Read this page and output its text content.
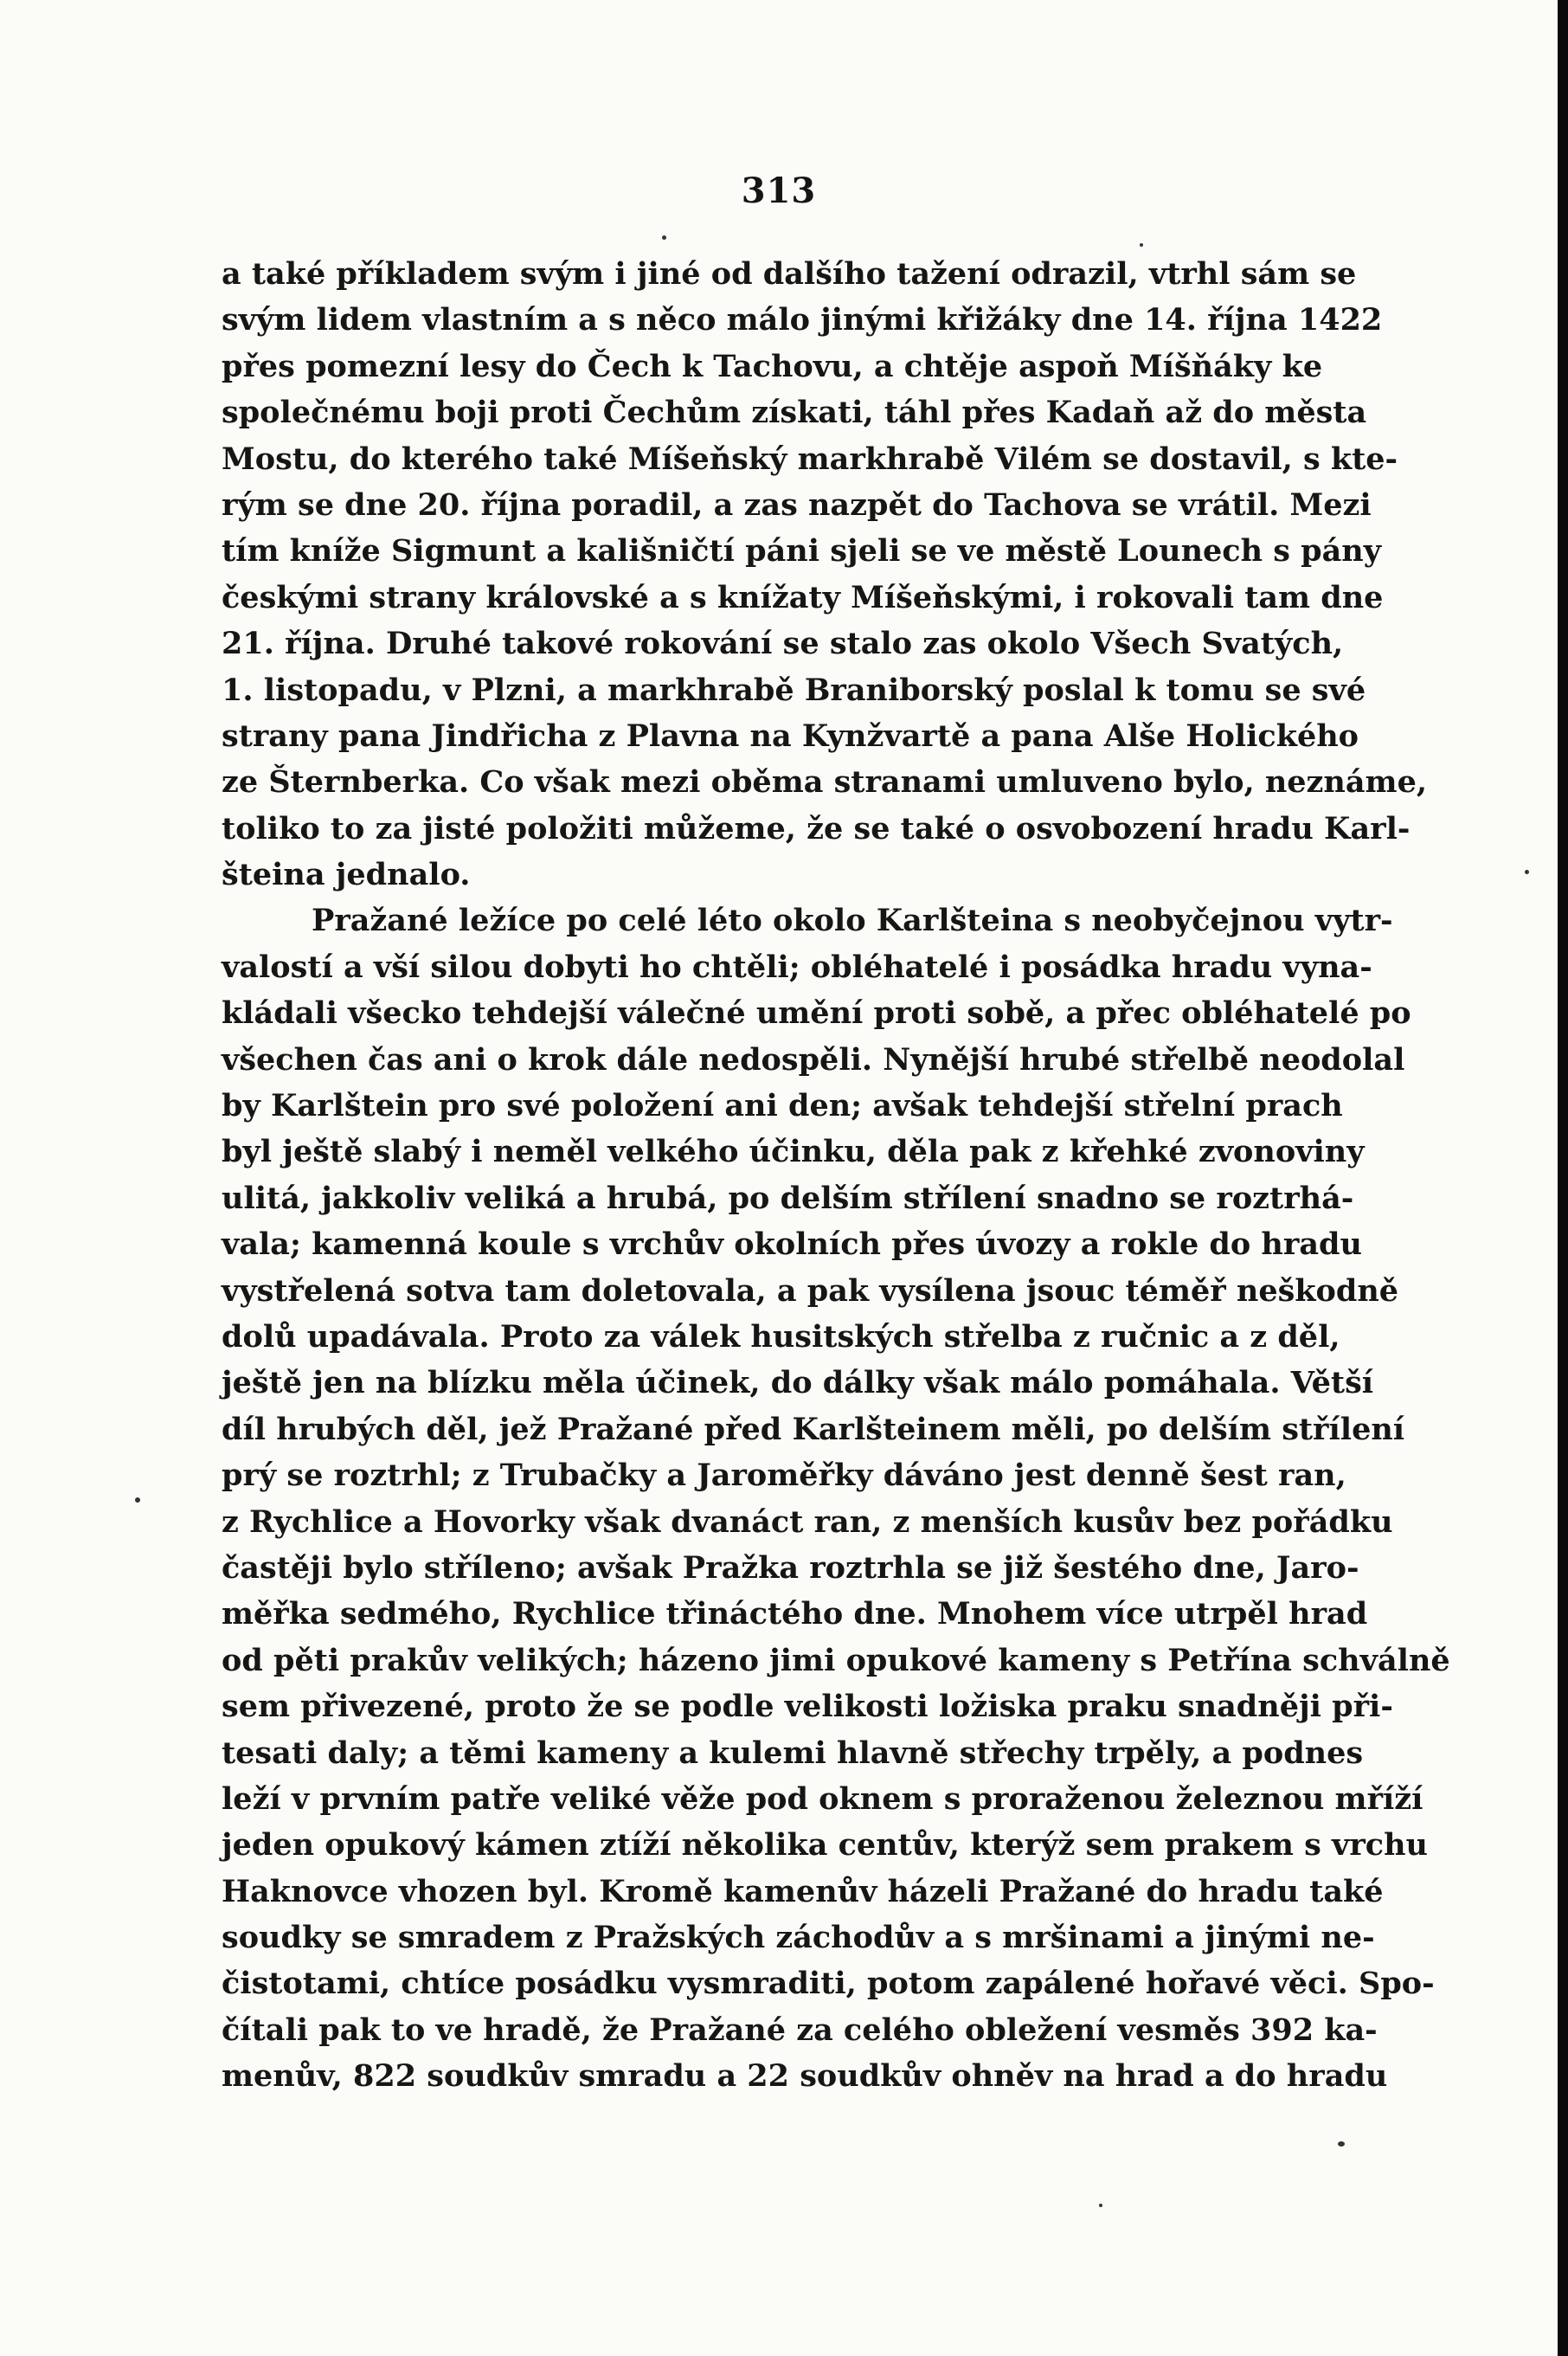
313
a také příkladem svým i jiné od dalšího tažení odrazil, vtrhl sám se
svým lidem vlastním a s něco málo jinými křižáky dne 14. října 1422
přes pomezní lesy do Čech k Tachovu, a chtěje aspoň Míšňáky ke
společnému boji proti Čechům získati, táhl přes Kadaň až do města
Mostu, do kterého také Míšeňský markhrabě Vilém se dostavil, s kte-
rým se dne 20. října poradil, a zas nazpět do Tachova se vrátil. Mezi
tím kníže Sigmunt a kališničtí páni sjeli se ve městě Lounech s pány
českými strany královské a s knížaty Míšeňskými, i rokovali tam dne
21. října. Druhé takové rokování se stalo zas okolo Všech Svatých,
1. listopadu, v Plzni, a markhrabě Braniborský poslal k tomu se své
strany pana Jindřicha z Plavna na Kynžvartě a pana Alše Holického
ze Šternberka. Co však mezi oběma stranami umluveno bylo, neznáme,
toliko to za jisté položiti můžeme, že se také o osvobození hradu Karl-
šteina jednalo.
Pražané ležíce po celé léto okolo Karlšteina s neobyčejnou vytr-
valostí a vší silou dobyti ho chtěli; obléhatelé i posádka hradu vyna-
kládali všecko tehdejší válečné umění proti sobě, a přec obléhatelé po
všechen čas ani o krok dále nedospěli. Nynější hrubé střelbě neodolal
by Karlštein pro své položení ani den; avšak tehdejší střelní prach
byl ještě slabý i neměl velkého účinku, děla pak z křehké zvonoviny
ulitá, jakkoliv veliká a hrubá, po delším střílení snadno se roztrhá-
vala; kamenná koule s vrchův okolních přes úvozy a rokle do hradu
vystřelená sotva tam doletovala, a pak vysílena jsouc téměř neškodně
dolů upadávala. Proto za válek husitských střelba z ručnic a z děl,
ještě jen na blízku měla účinek, do dálky však málo pomáhala. Větší
díl hrubých děl, jež Pražané před Karlšteinem měli, po delším střílení
prý se roztrhl; z Trubačky a Jaroměřky dáváno jest denně šest ran,
z Rychlice a Hovorky však dvanáct ran, z menších kusův bez pořádku
častěji bylo stříleno; avšak Pražka roztrhla se již šestého dne, Jaro-
měřka sedmého, Rychlice třináctého dne. Mnohem více utrpěl hrad
od pěti prakův velikých; házeno jimi opukové kameny s Petřína schválně
sem přivezené, proto že se podle velikosti ložiska praku snadněji při-
tesati daly; a těmi kameny a kulemi hlavně střechy trpěly, a podnes
leží v prvním patře veliké věže pod oknem s proraženou železnou mříží
jeden opukový kámen ztíží několika centův, kterýž sem prakem s vrchu
Haknovce vhozen byl. Kromě kamenův házeli Pražané do hradu také
soudky se smradem z Pražských záchodův a s mršinami a jinými ne-
čistotami, chtíce posádku vysmraditi, potom zapálené hořavé věci. Spo-
čítali pak to ve hradě, že Pražané za celého obležení vesměs 392 ka-
menův, 822 soudkův smradu a 22 soudkův ohněv na hrad a do hradu
